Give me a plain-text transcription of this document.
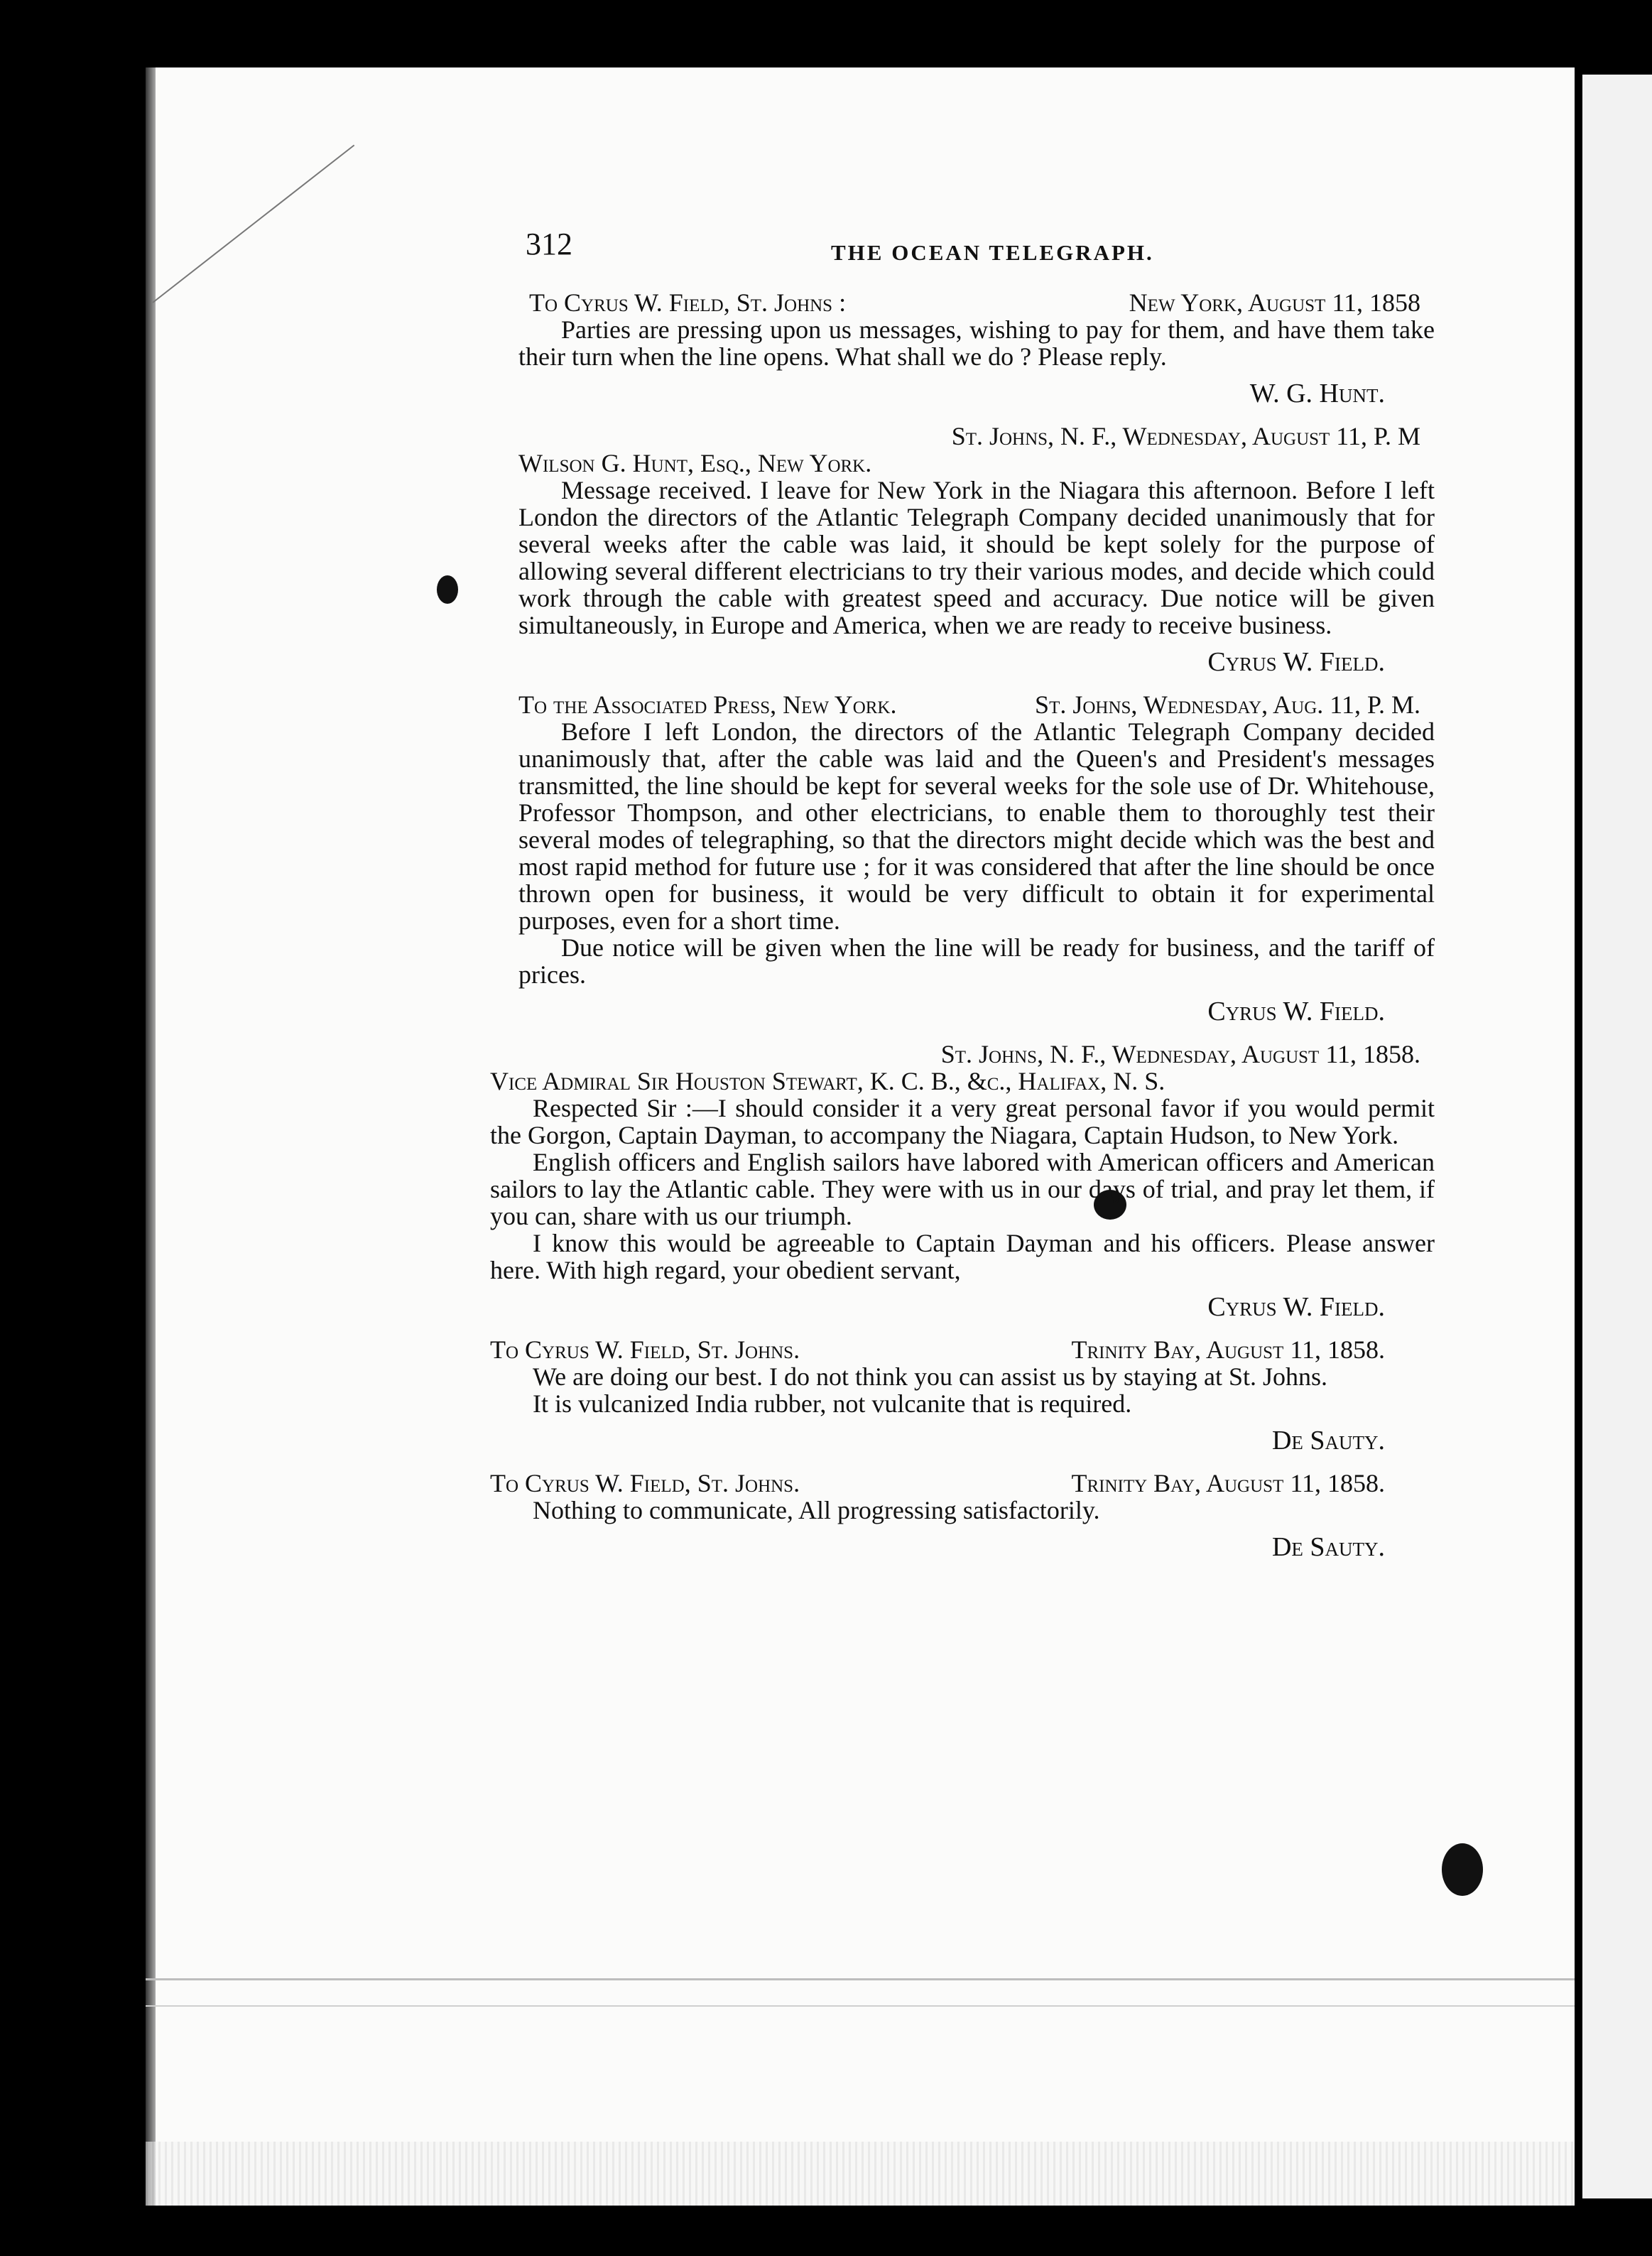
312	THE OCEAN TELEGRAPH.
To Cyrus W. Field, St. Johns :	New York, August 11, 1858

Parties are pressing upon us messages, wishing to pay for them, and have them take their turn when the line opens. What shall we do ? Please reply.

W. G. Hunt.
St. Johns, N. F., Wednesday, August 11, P. M
Wilson G. Hunt, Esq., New York.

Message received. I leave for New York in the Niagara this afternoon. Before I left London the directors of the Atlantic Telegraph Company decided unanimously that for several weeks after the cable was laid, it should be kept solely for the purpose of allowing several different electricians to try their various modes, and decide which could work through the cable with greatest speed and accuracy. Due notice will be given simultaneously, in Europe and America, when we are ready to receive business.

Cyrus W. Field.
To the Associated Press, New York.	St. Johns, Wednesday, Aug. 11, P. M.

Before I left London, the directors of the Atlantic Telegraph Company decided unanimously that, after the cable was laid and the Queen's and President's messages transmitted, the line should be kept for several weeks for the sole use of Dr. Whitehouse, Professor Thompson, and other electricians, to enable them to thoroughly test their several modes of telegraphing, so that the directors might decide which was the best and most rapid method for future use ; for it was considered that after the line should be once thrown open for business, it would be very difficult to obtain it for experimental purposes, even for a short time.

Due notice will be given when the line will be ready for business, and the tariff of prices.

Cyrus W. Field.
St. Johns, N. F., Wednesday, August 11, 1858.
Vice Admiral Sir Houston Stewart, K. C. B., &c., Halifax, N. S.

Respected Sir :—I should consider it a very great personal favor if you would permit the Gorgon, Captain Dayman, to accompany the Niagara, Captain Hudson, to New York.

English officers and English sailors have labored with American officers and American sailors to lay the Atlantic cable. They were with us in our days of trial, and pray let them, if you can, share with us our triumph.

I know this would be agreeable to Captain Dayman and his officers. Please answer here. With high regard, your obedient servant,

Cyrus W. Field.
To Cyrus W. Field, St. Johns.	Trinity Bay, August 11, 1858.

We are doing our best. I do not think you can assist us by staying at St. Johns.

It is vulcanized India rubber, not vulcanite that is required.

De Sauty.
To Cyrus W. Field, St. Johns.	Trinity Bay, August 11, 1858.

Nothing to communicate, All progressing satisfactorily.

De Sauty.
